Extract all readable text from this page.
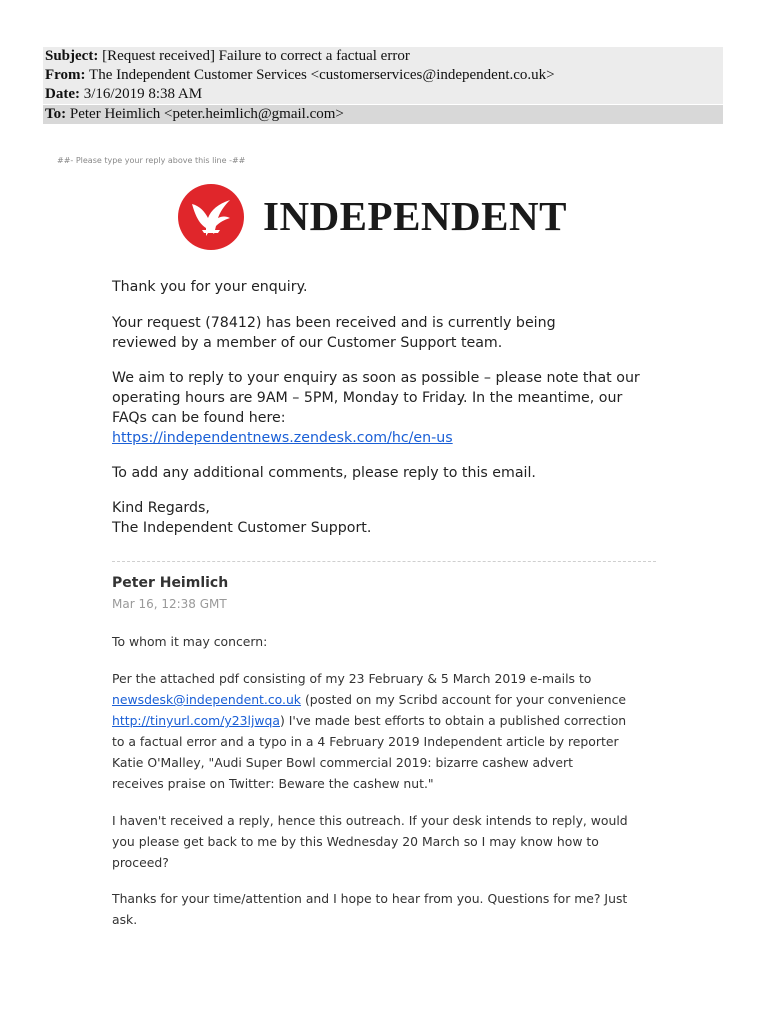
Subject: [Request received] Failure to correct a factual error
From: The Independent Customer Services <customerservices@independent.co.uk>
Date: 3/16/2019 8:38 AM
To: Peter Heimlich <peter.heimlich@gmail.com>
##- Please type your reply above this line -##
INDEPENDENT
Thank you for your enquiry.
Your request (78412) has been received and is currently being reviewed by a member of our Customer Support team.
We aim to reply to your enquiry as soon as possible – please note that our operating hours are 9AM – 5PM, Monday to Friday. In the meantime, our FAQs can be found here:
https://independentnews.zendesk.com/hc/en-us
To add any additional comments, please reply to this email.
Kind Regards,
The Independent Customer Support.
Peter Heimlich
Mar 16, 12:38 GMT
To whom it may concern:
Per the attached pdf consisting of my 23 February & 5 March 2019 e-mails to newsdesk@independent.co.uk (posted on my Scribd account for your convenience http://tinyurl.com/y23ljwqa) I've made best efforts to obtain a published correction to a factual error and a typo in a 4 February 2019 Independent article by reporter Katie O'Malley, "Audi Super Bowl commercial 2019: bizarre cashew advert receives praise on Twitter: Beware the cashew nut."
I haven't received a reply, hence this outreach. If your desk intends to reply, would you please get back to me by this Wednesday 20 March so I may know how to proceed?
Thanks for your time/attention and I hope to hear from you. Questions for me? Just ask.
